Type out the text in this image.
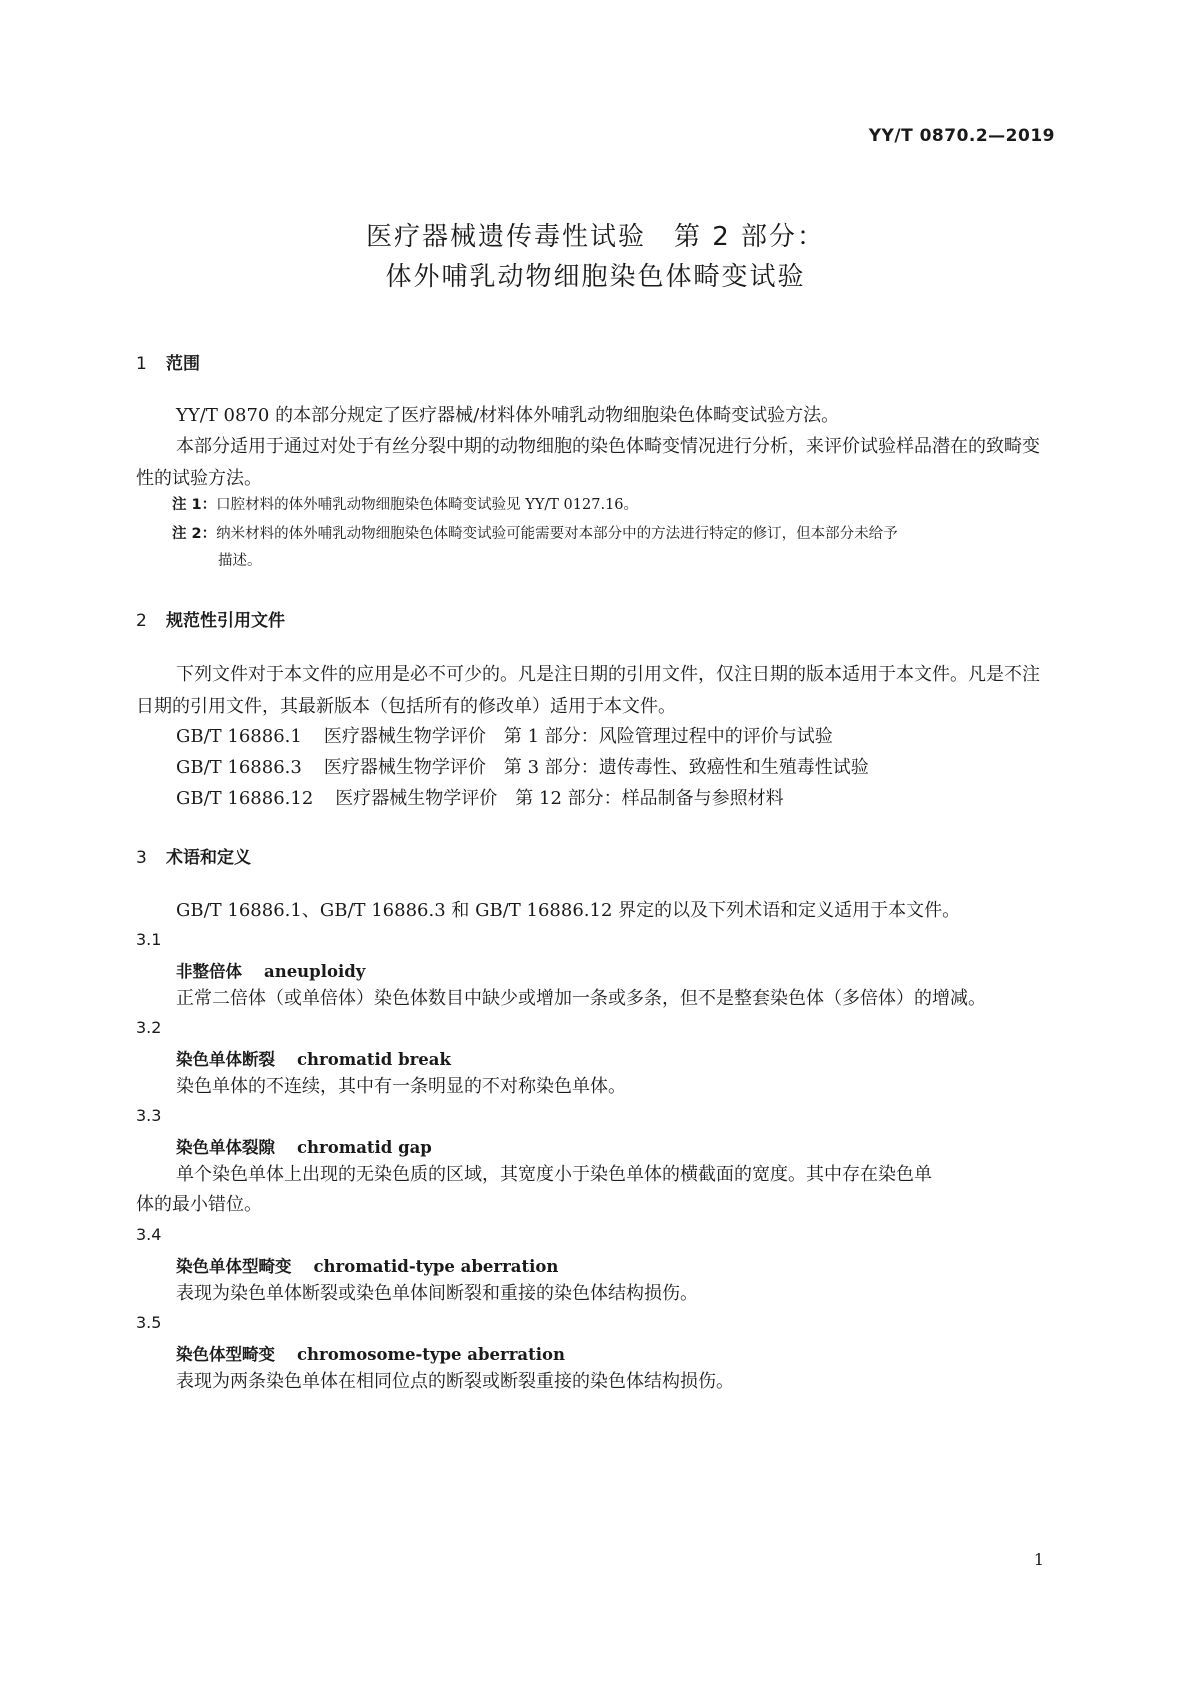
YY/T 0870.2—2019
医疗器械遗传毒性试验　第 2 部分：
体外哺乳动物细胞染色体畸变试验
1 范围
YY/T 0870 的本部分规定了医疗器械/材料体外哺乳动物细胞染色体畸变试验方法。
本部分适用于通过对处于有丝分裂中期的动物细胞的染色体畸变情况进行分析，来评价试验样品潜在的致畸变性的试验方法。
注 1：口腔材料的体外哺乳动物细胞染色体畸变试验见 YY/T 0127.16。
注 2：纳米材料的体外哺乳动物细胞染色体畸变试验可能需要对本部分中的方法进行特定的修订，但本部分未给予
描述。
2 规范性引用文件
下列文件对于本文件的应用是必不可少的。凡是注日期的引用文件，仅注日期的版本适用于本文件。凡是不注日期的引用文件，其最新版本（包括所有的修改单）适用于本文件。
GB/T 16886.1 医疗器械生物学评价　第 1 部分：风险管理过程中的评价与试验
GB/T 16886.3 医疗器械生物学评价　第 3 部分：遗传毒性、致癌性和生殖毒性试验
GB/T 16886.12 医疗器械生物学评价　第 12 部分：样品制备与参照材料
3 术语和定义
GB/T 16886.1、GB/T 16886.3 和 GB/T 16886.12 界定的以及下列术语和定义适用于本文件。
3.1
非整倍体 aneuploidy
正常二倍体（或单倍体）染色体数目中缺少或增加一条或多条，但不是整套染色体（多倍体）的增减。
3.2
染色单体断裂 chromatid break
染色单体的不连续，其中有一条明显的不对称染色单体。
3.3
染色单体裂隙 chromatid gap
单个染色单体上出现的无染色质的区域，其宽度小于染色单体的横截面的宽度。其中存在染色单
体的最小错位。
3.4
染色单体型畸变 chromatid-type aberration
表现为染色单体断裂或染色单体间断裂和重接的染色体结构损伤。
3.5
染色体型畸变 chromosome-type aberration
表现为两条染色单体在相同位点的断裂或断裂重接的染色体结构损伤。
1
